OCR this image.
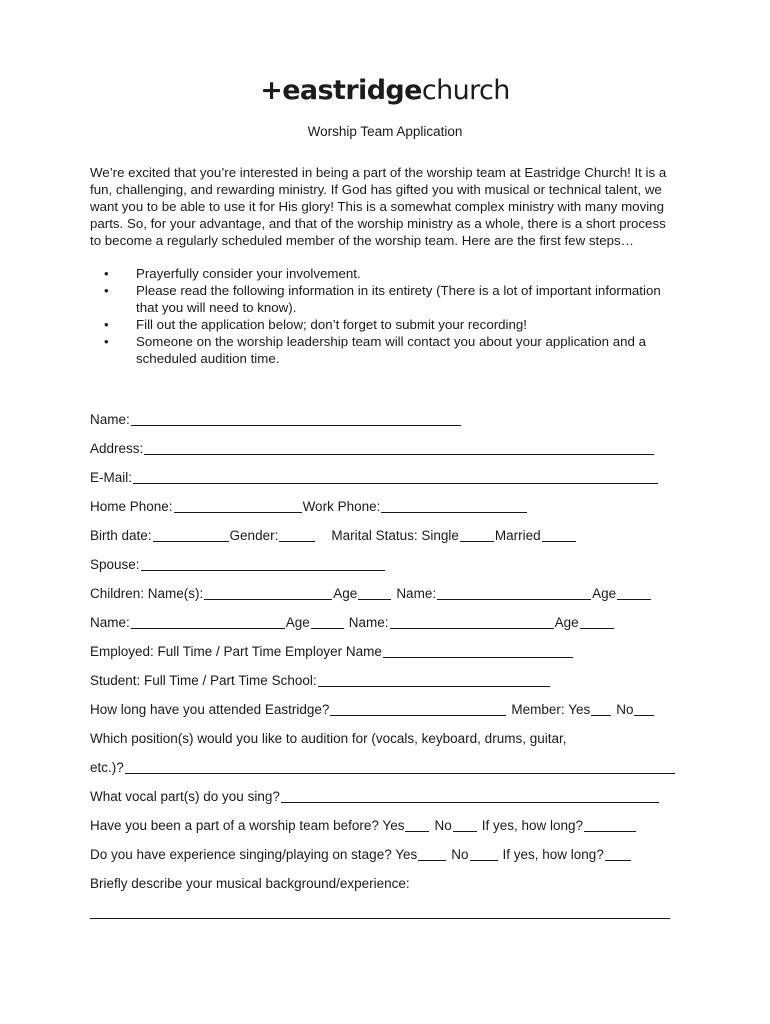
+eastridgechurch
Worship Team Application

We’re excited that you’re interested in being a part of the worship team at Eastridge Church! It is a fun, challenging, and rewarding ministry. If God has gifted you with musical or technical talent, we want you to be able to use it for His glory! This is a somewhat complex ministry with many moving parts. So, for your advantage, and that of the worship ministry as a whole, there is a short process to become a regularly scheduled member of the worship team. Here are the first few steps…

• Prayerfully consider your involvement.
• Please read the following information in its entirety (There is a lot of important information that you will need to know).
• Fill out the application below; don’t forget to submit your recording!
• Someone on the worship leadership team will contact you about your application and a scheduled audition time.
Name:
Address:
E-Mail:
Home Phone:	Work Phone:
Birth date:	Gender:	Marital Status: Single	Married
Spouse:
Children: Name(s):	Age	Name:	Age
Name:	Age	Name:	Age
Employed: Full Time / Part Time Employer Name
Student: Full Time / Part Time School:
How long have you attended Eastridge?	Member: Yes No
Which position(s) would you like to audition for (vocals, keyboard, drums, guitar,
etc.)?
What vocal part(s) do you sing?
Have you been a part of a worship team before? Yes No If yes, how long?
Do you have experience singing/playing on stage? Yes	No	If yes, how long?
Briefly describe your musical background/experience:
